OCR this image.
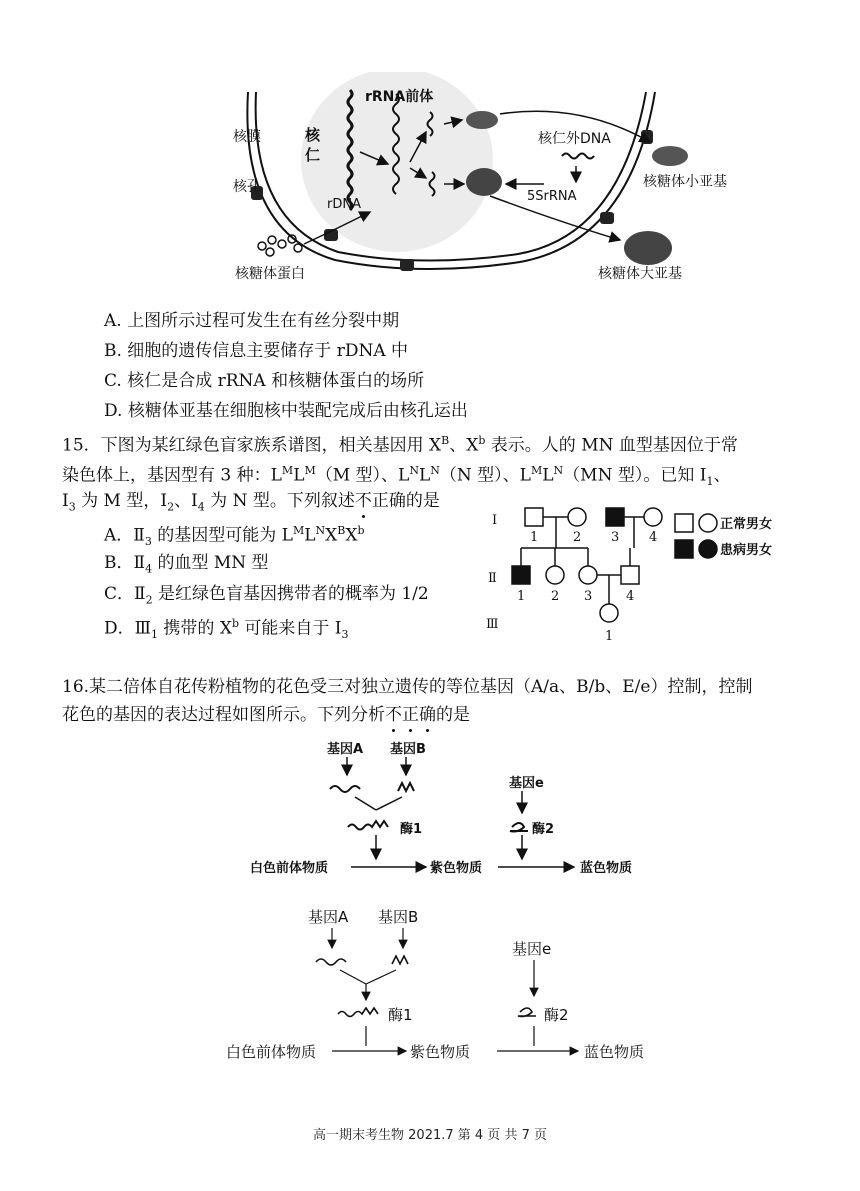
rRNA前体
核膜	核仁
核孔
rDNA
核仁外DNA
5SrRNA
核糖体小亚基
核糖体大亚基
核糖体蛋白
A. 上图所示过程可发生在有丝分裂中期
B. 细胞的遗传信息主要储存于 rDNA 中
C. 核仁是合成 rRNA 和核糖体蛋白的场所
D. 核糖体亚基在细胞核中装配完成后由核孔运出
15．下图为某红绿色盲家族系谱图，相关基因用 $X^B$、$X^b$ 表示。人的 MN 血型基因位于常
染色体上，基因型有 3 种：$L^ML^M(M$ 型）、$L^NL^N(N$ 型）、$L^ML^N(MN$ 型）。已知 $I_1$、
$I_3$ 为 M 型，$I_2$、$I_4$ 为 N 型。下列叙述不正确的是
A．$Ⅱ_3$ 的基因型可能为 $L^ML^NX^BX^b$
B．$Ⅱ_4$ 的血型 MN 型
C．$Ⅱ_2$ 是红绿色盲基因携带者的概率为 1/2
D．$Ⅲ_1$ 携带的 $X^b$ 可能来自于 $I_3$
I
Ⅱ
Ⅲ
1	2 3 4
1 2 3	4
1
正常男女
患病男女
16.某二倍体自花传粉植物的花色受三对独立遗传的等位基因（A/a、B/b、E/e）控制，控制
花色的基因的表达过程如图所示。下列分析不正确的是
基因A 基因B
基因e
酶1	酶2
白色前体物质	紫色物质	蓝色物质
基因A 基因B
基因e
酶1	酶2
白色前体物质	紫色物质	蓝色物质
高一期末考生物 2021.7 第 4 页 共 7 页
